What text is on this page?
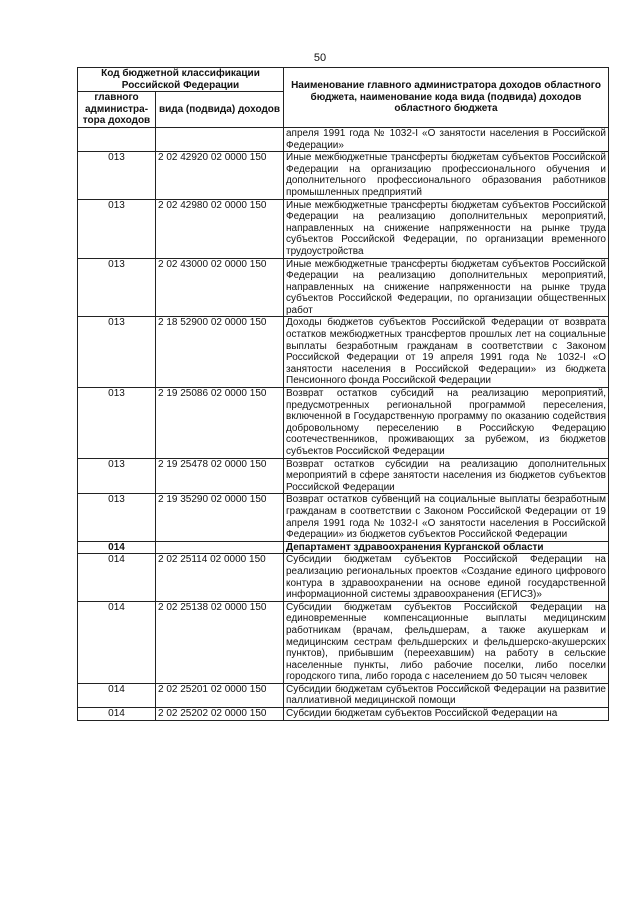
50
Код бюджетной классификации Российской Федерации		Наименование главного администратора доходов областного бюджета, наименование кода вида (подвида) доходов областного бюджета
главного администра-тора доходов	вида (подвида) доходов	
		апреля 1991 года № 1032-I «О занятости населения в Российской Федерации»
013	2 02 42920 02 0000 150	Иные межбюджетные трансферты бюджетам субъектов Российской Федерации на организацию профессионального обучения и дополнительного профессионального образования работников промышленных предприятий
013	2 02 42980 02 0000 150	Иные межбюджетные трансферты бюджетам субъектов Российской Федерации на реализацию дополнительных мероприятий, направленных на снижение напряженности на рынке труда субъектов Российской Федерации, по организации временного трудоустройства
013	2 02 43000 02 0000 150	Иные межбюджетные трансферты бюджетам субъектов Российской Федерации на реализацию дополнительных мероприятий, направленных на снижение напряженности на рынке труда субъектов Российской Федерации, по организации общественных работ
013	2 18 52900 02 0000 150	Доходы бюджетов субъектов Российской Федерации от возврата остатков межбюджетных трансфертов прошлых лет на социальные выплаты безработным гражданам в соответствии с Законом Российской Федерации от 19 апреля 1991 года № 1032-I «О занятости населения в Российской Федерации» из бюджета Пенсионного фонда Российской Федерации
013	2 19 25086 02 0000 150	Возврат остатков субсидий на реализацию мероприятий, предусмотренных региональной программой переселения, включенной в Государственную программу по оказанию содействия добровольному переселению в Российскую Федерацию соотечественников, проживающих за рубежом, из бюджетов субъектов Российской Федерации
013	2 19 25478 02 0000 150	Возврат остатков субсидии на реализацию дополнительных мероприятий в сфере занятости населения из бюджетов субъектов Российской Федерации
013	2 19 35290 02 0000 150	Возврат остатков субвенций на социальные выплаты безработным гражданам в соответствии с Законом Российской Федерации от 19 апреля 1991 года № 1032-I «О занятости населения в Российской Федерации» из бюджетов субъектов Российской Федерации
014		Департамент здравоохранения Курганской области
014	2 02 25114 02 0000 150	Субсидии бюджетам субъектов Российской Федерации на реализацию региональных проектов «Создание единого цифрового контура в здравоохранении на основе единой государственной информационной системы здравоохранения (ЕГИСЗ)»
014	2 02 25138 02 0000 150	Субсидии бюджетам субъектов Российской Федерации на единовременные компенсационные выплаты медицинским работникам (врачам, фельдшерам, а также акушеркам и медицинским сестрам фельдшерских и фельдшерско-акушерских пунктов), прибывшим (переехавшим) на работу в сельские населенные пункты, либо рабочие поселки, либо поселки городского типа, либо города с населением до 50 тысяч человек
014	2 02 25201 02 0000 150	Субсидии бюджетам субъектов Российской Федерации на развитие паллиативной медицинской помощи
014	2 02 25202 02 0000 150	Субсидии бюджетам субъектов Российской Федерации на
